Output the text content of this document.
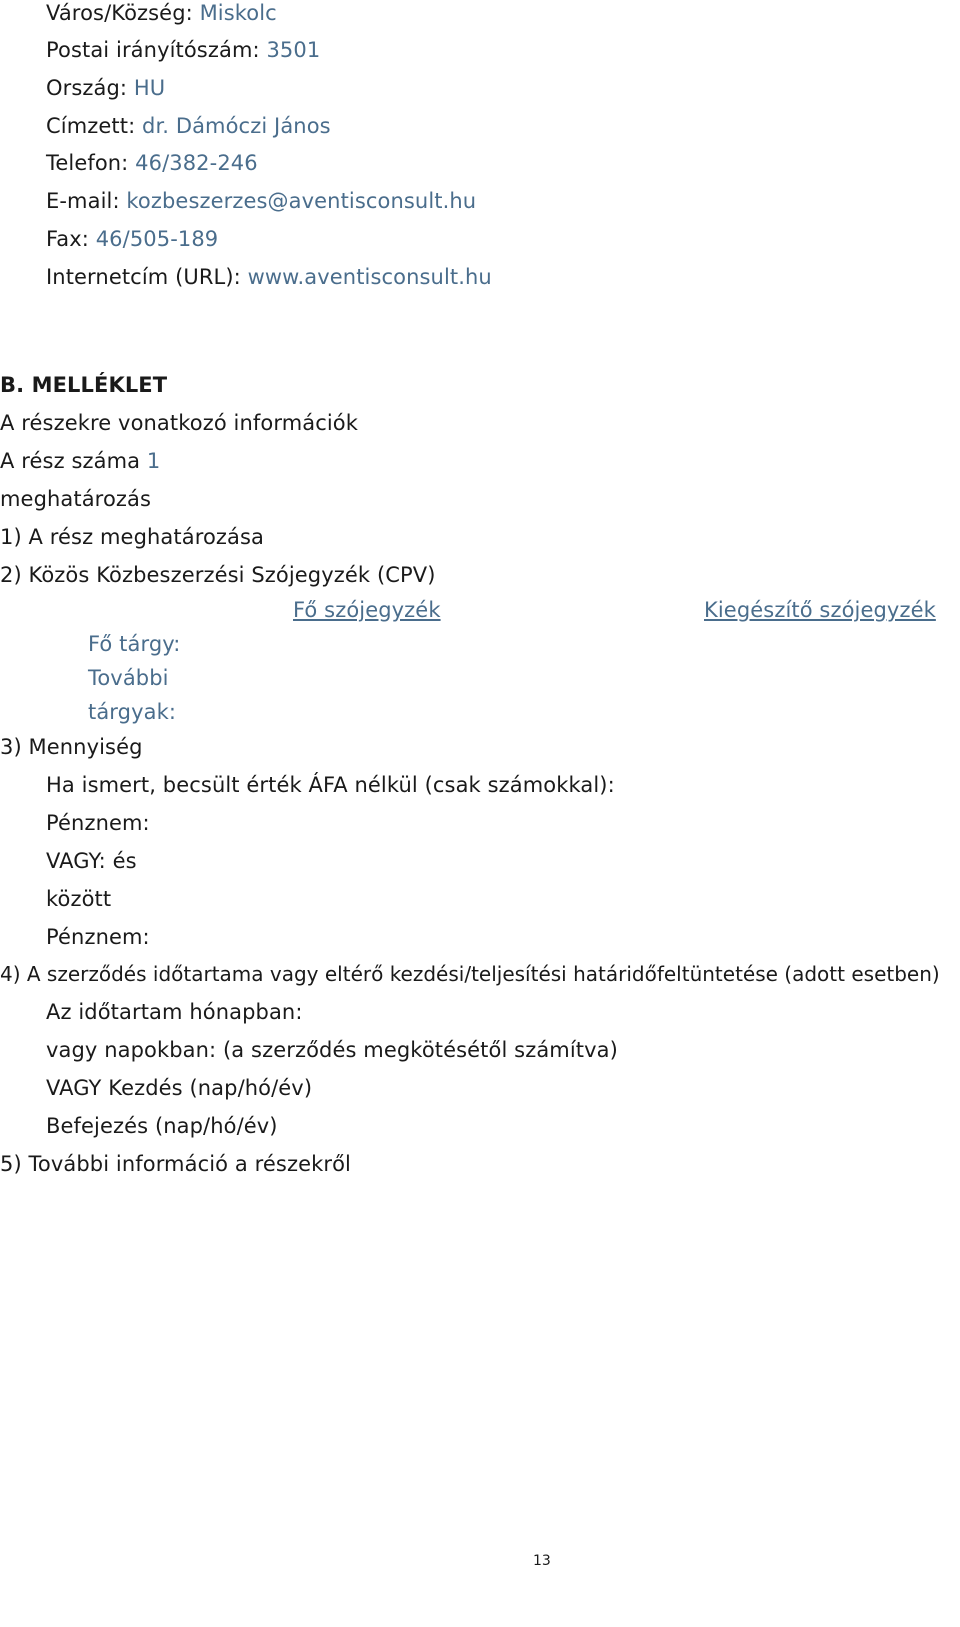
Város/Község: Miskolc
Postai irányítószám: 3501
Ország: HU
Címzett: dr. Dámóczi János
Telefon: 46/382-246
E-mail: kozbeszerzes@aventisconsult.hu
Fax: 46/505-189
Internetcím (URL): www.aventisconsult.hu
B. MELLÉKLET
A részekre vonatkozó információk
A rész száma 1
meghatározás
1) A rész meghatározása
2) Közös Közbeszerzési Szójegyzék (CPV)
Fő szójegyzék	Kiegészítő szójegyzék
Fő tárgy:
További
tárgyak:
3) Mennyiség
Ha ismert, becsült érték ÁFA nélkül (csak számokkal):
Pénznem:
VAGY: és
között
Pénznem:
4) A szerződés időtartama vagy eltérő kezdési/teljesítési határidőfeltüntetése (adott esetben)
Az időtartam hónapban:
vagy napokban: (a szerződés megkötésétől számítva)
VAGY Kezdés (nap/hó/év)
Befejezés (nap/hó/év)
5) További információ a részekről
13
